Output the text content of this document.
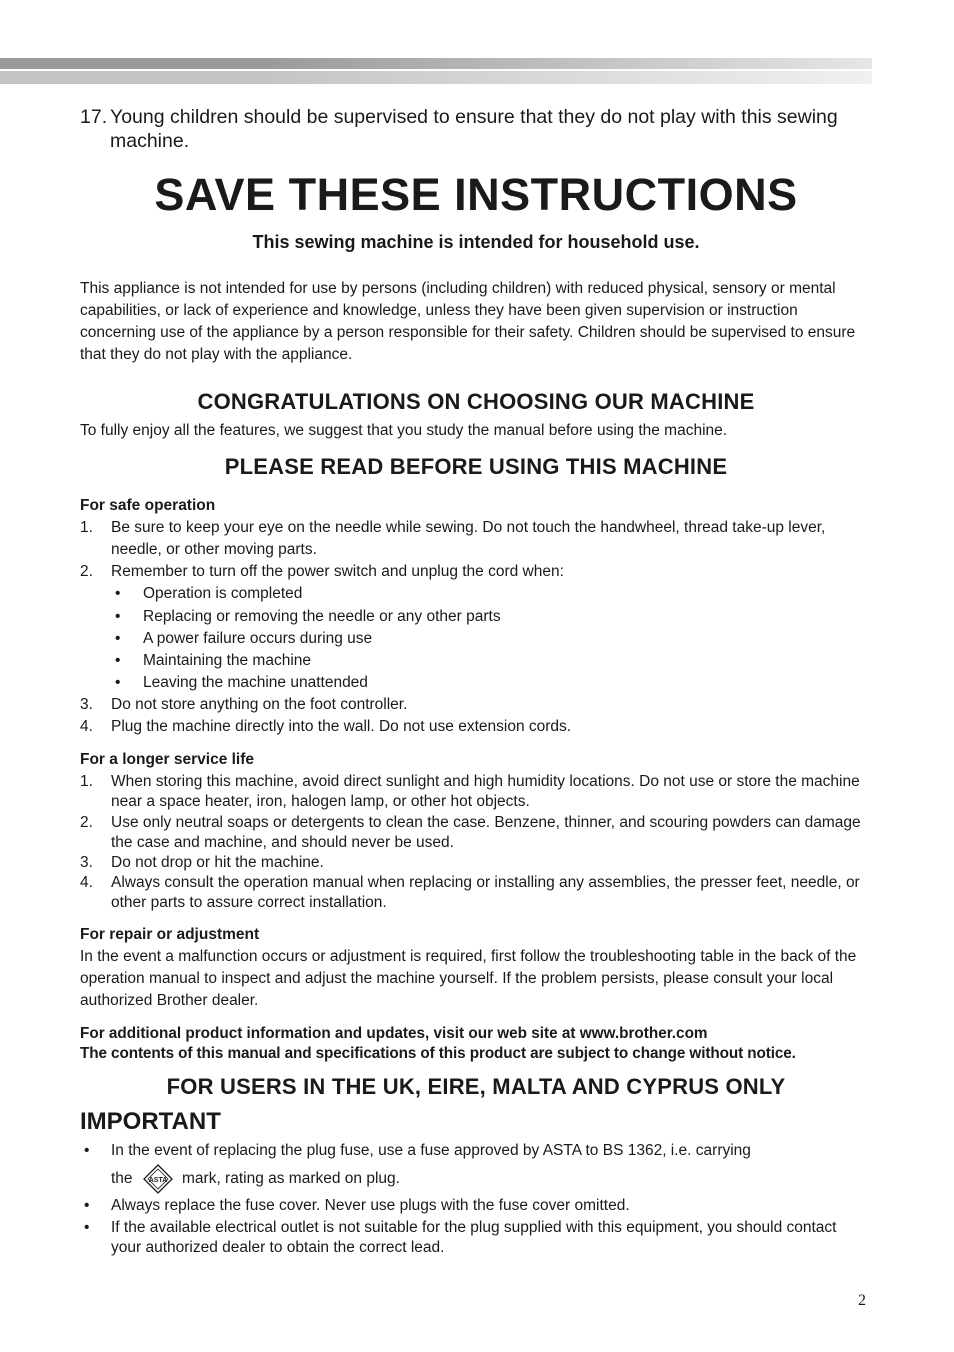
17. Young children should be supervised to ensure that they do not play with this sewing machine.
SAVE THESE INSTRUCTIONS
This sewing machine is intended for household use.

This appliance is not intended for use by persons (including children) with reduced physical, sensory or mental capabilities, or lack of experience and knowledge, unless they have been given supervision or instruction concerning use of the appliance by a person responsible for their safety. Children should be supervised to ensure that they do not play with the appliance.

CONGRATULATIONS ON CHOOSING OUR MACHINE

To fully enjoy all the features, we suggest that you study the manual before using the machine.

PLEASE READ BEFORE USING THIS MACHINE
For safe operation
1. Be sure to keep your eye on the needle while sewing. Do not touch the handwheel, thread take-up lever, needle, or other moving parts.
2. Remember to turn off the power switch and unplug the cord when:
• Operation is completed
• Replacing or removing the needle or any other parts
• A power failure occurs during use
• Maintaining the machine
• Leaving the machine unattended
3. Do not store anything on the foot controller.
4. Plug the machine directly into the wall. Do not use extension cords.
For a longer service life
1. When storing this machine, avoid direct sunlight and high humidity locations. Do not use or store the machine near a space heater, iron, halogen lamp, or other hot objects.
2. Use only neutral soaps or detergents to clean the case. Benzene, thinner, and scouring powders can damage the case and machine, and should never be used.
3. Do not drop or hit the machine.
4. Always consult the operation manual when replacing or installing any assemblies, the presser feet, needle, or other parts to assure correct installation.
For repair or adjustment

In the event a malfunction occurs or adjustment is required, first follow the troubleshooting table in the back of the operation manual to inspect and adjust the machine yourself. If the problem persists, please consult your local authorized Brother dealer.

For additional product information and updates, visit our web site at www.brother.com
The contents of this manual and specifications of this product are subject to change without notice.
FOR USERS IN THE UK, EIRE, MALTA AND CYPRUS ONLY
IMPORTANT
• In the event of replacing the plug fuse, use a fuse approved by ASTA to BS 1362, i.e. carrying
the ASTA mark, rating as marked on plug.
• Always replace the fuse cover. Never use plugs with the fuse cover omitted.
• If the available electrical outlet is not suitable for the plug supplied with this equipment, you should contact your authorized dealer to obtain the correct lead.
2
